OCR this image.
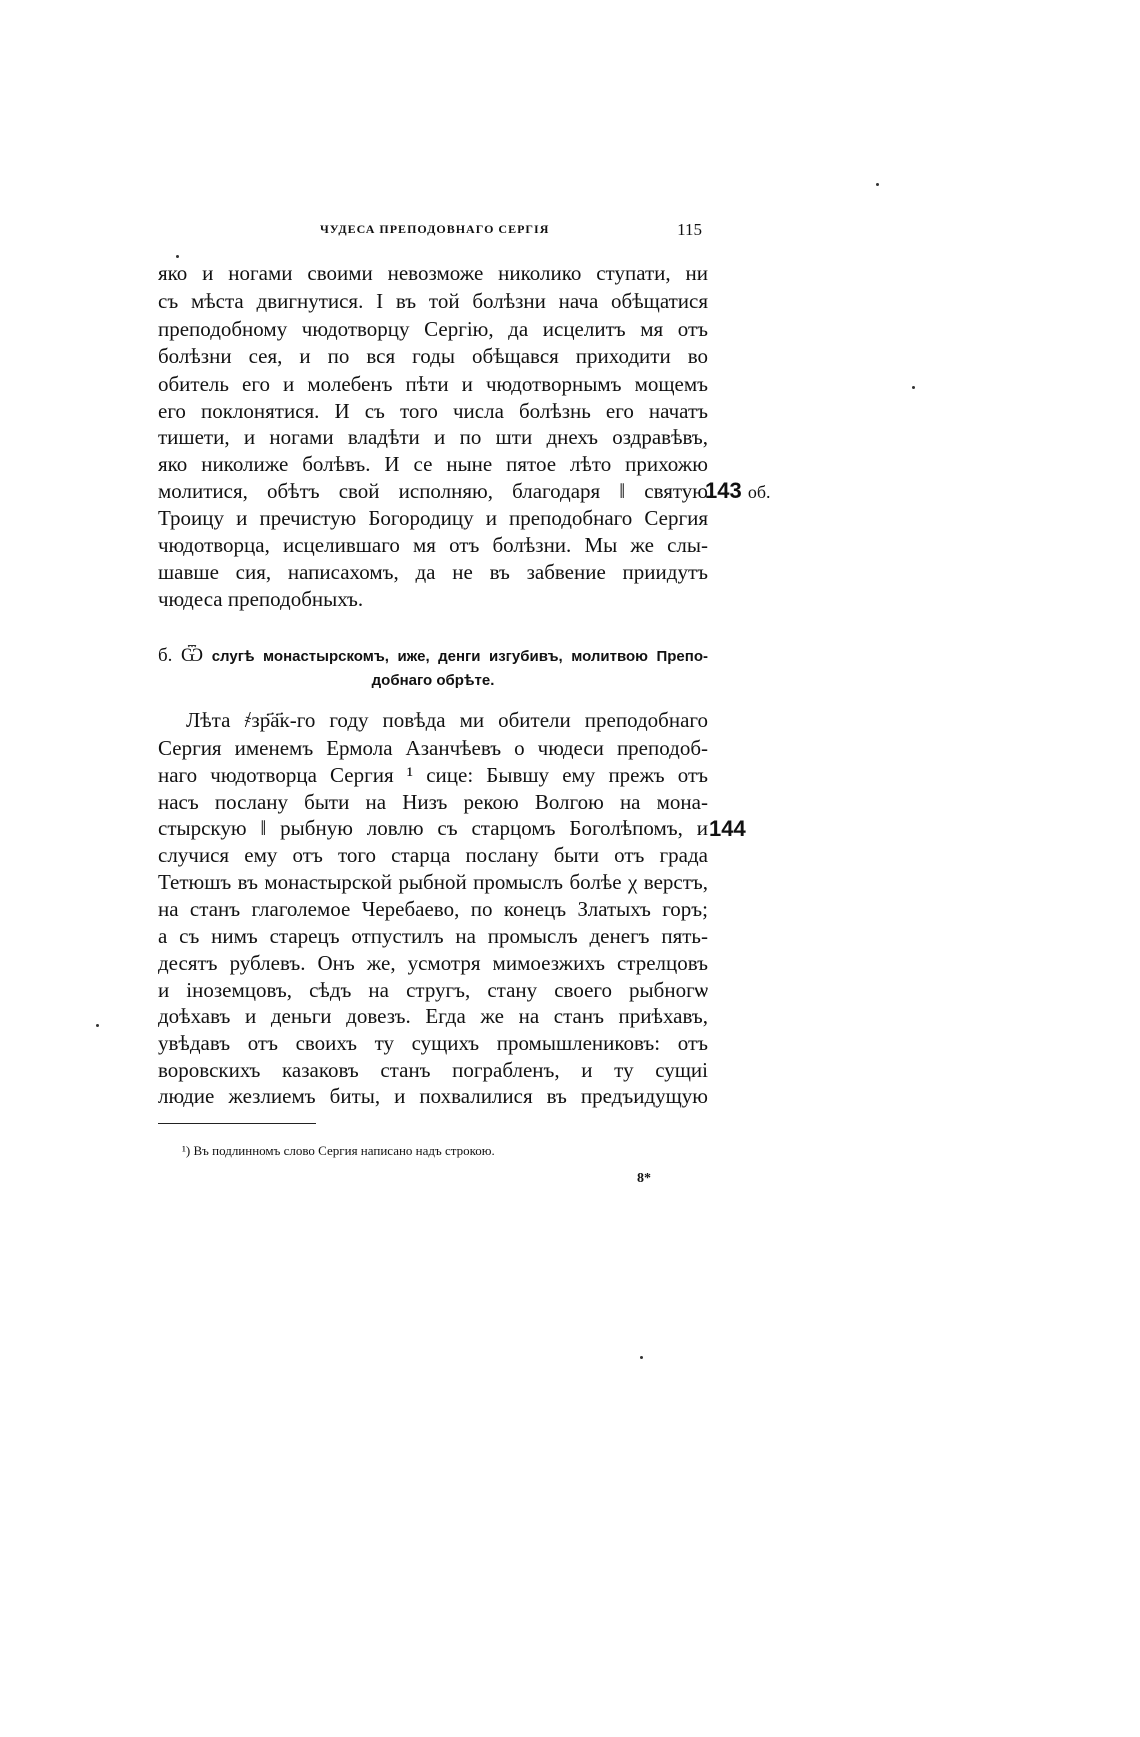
ЧУДЕСА ПРЕПОДОВНАГО СЕРГІЯ	115
яко и ногами своими невозможе николико ступати, ни
съ мѣста двигнутися. I въ той болѣзни нача обѣщатися
преподобному чюдотворцу Сергію, да исцелитъ мя отъ
болѣзни сея, и по вся годы обѣщався приходити во
обитель его и молебенъ пѣти и чюдотворнымъ мощемъ
его поклонятися. И съ того числа болѣзнь его начатъ
тишети, и ногами владѣти и по шти днехъ оздравѣвъ,
яко николиже болѣвъ. И се ныне пятое лѣто прихожю
молитися, обѣтъ свой исполняю, благодаря ‖ святую
Троицу и пречистую Богородицу и преподобнаго Сергия
чюдотворца, исцелившаго мя отъ болѣзни. Мы же слы-
шавше сия, написахомъ, да не въ забвение приидутъ
чюдеса преподобныхъ.
143 об.
б. Ѿ слугѣ монастырскомъ, иже, денги изгубивъ, молитвою Препо-
добнаго обрѣте.
Лѣта ҂зр҃а҃к-го году повѣда ми обители преподобнаго
Сергия именемъ Ермола Азанчѣевъ о чюдеси преподоб-
наго чюдотворца Сергия ¹ сице: Бывшу ему прежъ отъ
насъ послану быти на Низъ рекою Волгою на мона-
стырскую ‖ рыбную ловлю съ старцомъ Боголѣпомъ, и
случися ему отъ того старца послану быти отъ града
Тетюшъ въ монастырской рыбной промыслъ болѣе χ верстъ,
на станъ глаголемое Черебаево, по конецъ Златыхъ горъ;
а съ нимъ старецъ отпустилъ на промыслъ денегъ пять-
десятъ рублевъ. Онъ же, усмотря мимоезжихъ стрелцовъ
и іноземцовъ, сѣдъ на стругъ, стану своего рыбногѡ
доѣхавъ и деньги довезъ. Егда же на станъ приѣхавъ,
увѣдавъ отъ своихъ ту сущихъ промышлениковъ: отъ
воровскихъ казаковъ станъ пограбленъ, и ту сущиі
людие жезлиемъ биты, и похвалилися въ предъидущую
144
¹) Въ подлинномъ слово Сергия написано надъ строкою.
8*
